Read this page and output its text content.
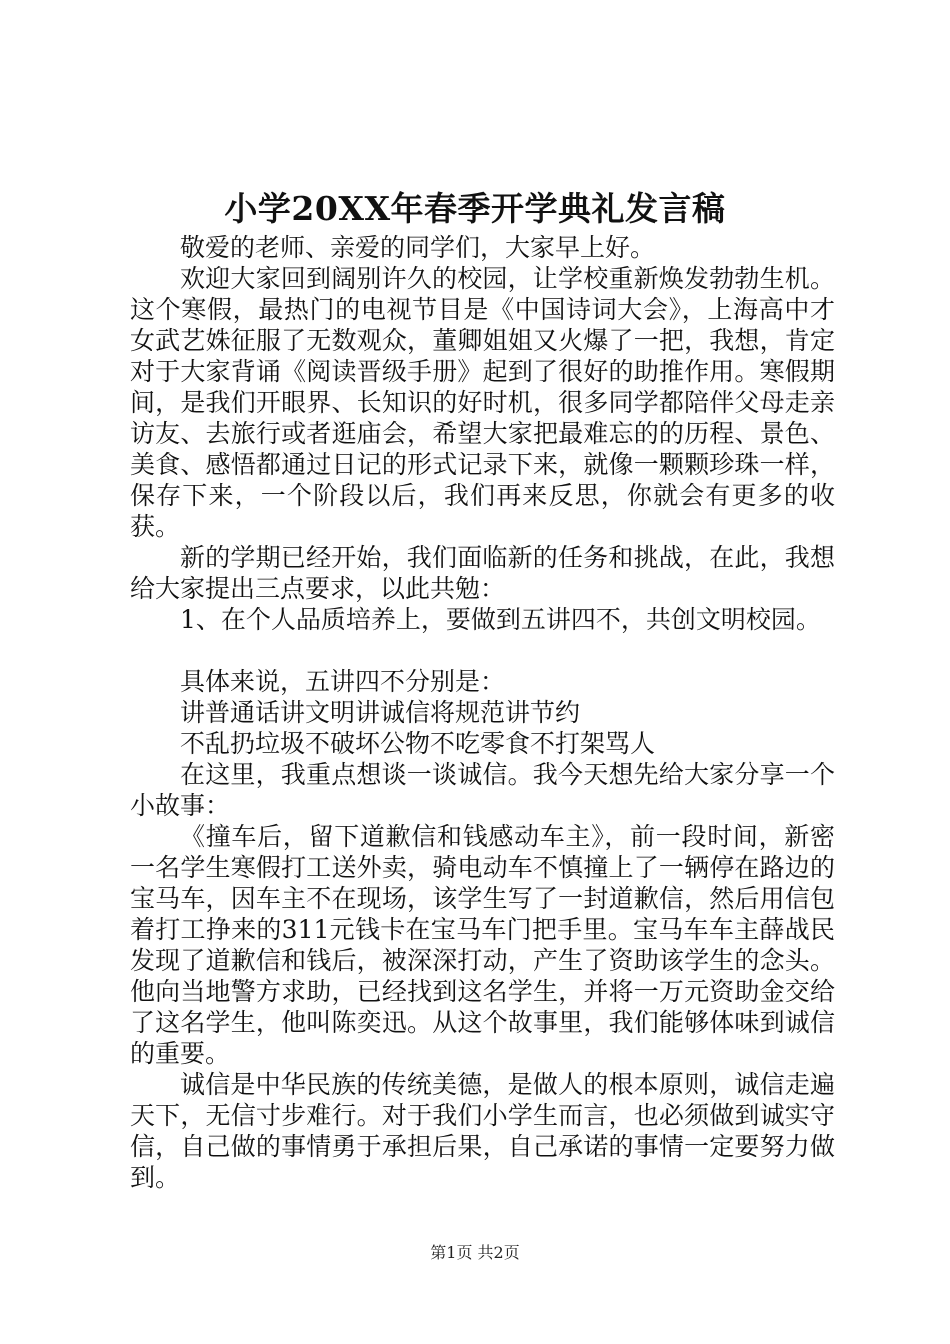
小学20XX年春季开学典礼发言稿

敬爱的老师、亲爱的同学们，大家早上好。

欢迎大家回到阔别许久的校园，让学校重新焕发勃勃生机。这个寒假，最热门的电视节目是《中国诗词大会》，上海高中才女武艺姝征服了无数观众，董卿姐姐又火爆了一把，我想，肯定对于大家背诵《阅读晋级手册》起到了很好的助推作用。寒假期间，是我们开眼界、长知识的好时机，很多同学都陪伴父母走亲访友、去旅行或者逛庙会，希望大家把最难忘的的历程、景色、美食、感悟都通过日记的形式记录下来，就像一颗颗珍珠一样，保存下来，一个阶段以后，我们再来反思，你就会有更多的收获。

新的学期已经开始，我们面临新的任务和挑战，在此，我想给大家提出三点要求，以此共勉：

1、在个人品质培养上，要做到五讲四不，共创文明校园。

具体来说，五讲四不分别是：

讲普通话讲文明讲诚信将规范讲节约

不乱扔垃圾不破坏公物不吃零食不打架骂人

在这里，我重点想谈一谈诚信。我今天想先给大家分享一个小故事：

《撞车后，留下道歉信和钱感动车主》，前一段时间，新密一名学生寒假打工送外卖，骑电动车不慎撞上了一辆停在路边的宝马车，因车主不在现场，该学生写了一封道歉信，然后用信包着打工挣来的311元钱卡在宝马车门把手里。宝马车车主薛战民发现了道歉信和钱后，被深深打动，产生了资助该学生的念头。他向当地警方求助，已经找到这名学生，并将一万元资助金交给了这名学生，他叫陈奕迅。从这个故事里，我们能够体味到诚信的重要。

诚信是中华民族的传统美德，是做人的根本原则，诚信走遍天下，无信寸步难行。对于我们小学生而言，也必须做到诚实守信，自己做的事情勇于承担后果，自己承诺的事情一定要努力做到。

第1页 共2页
